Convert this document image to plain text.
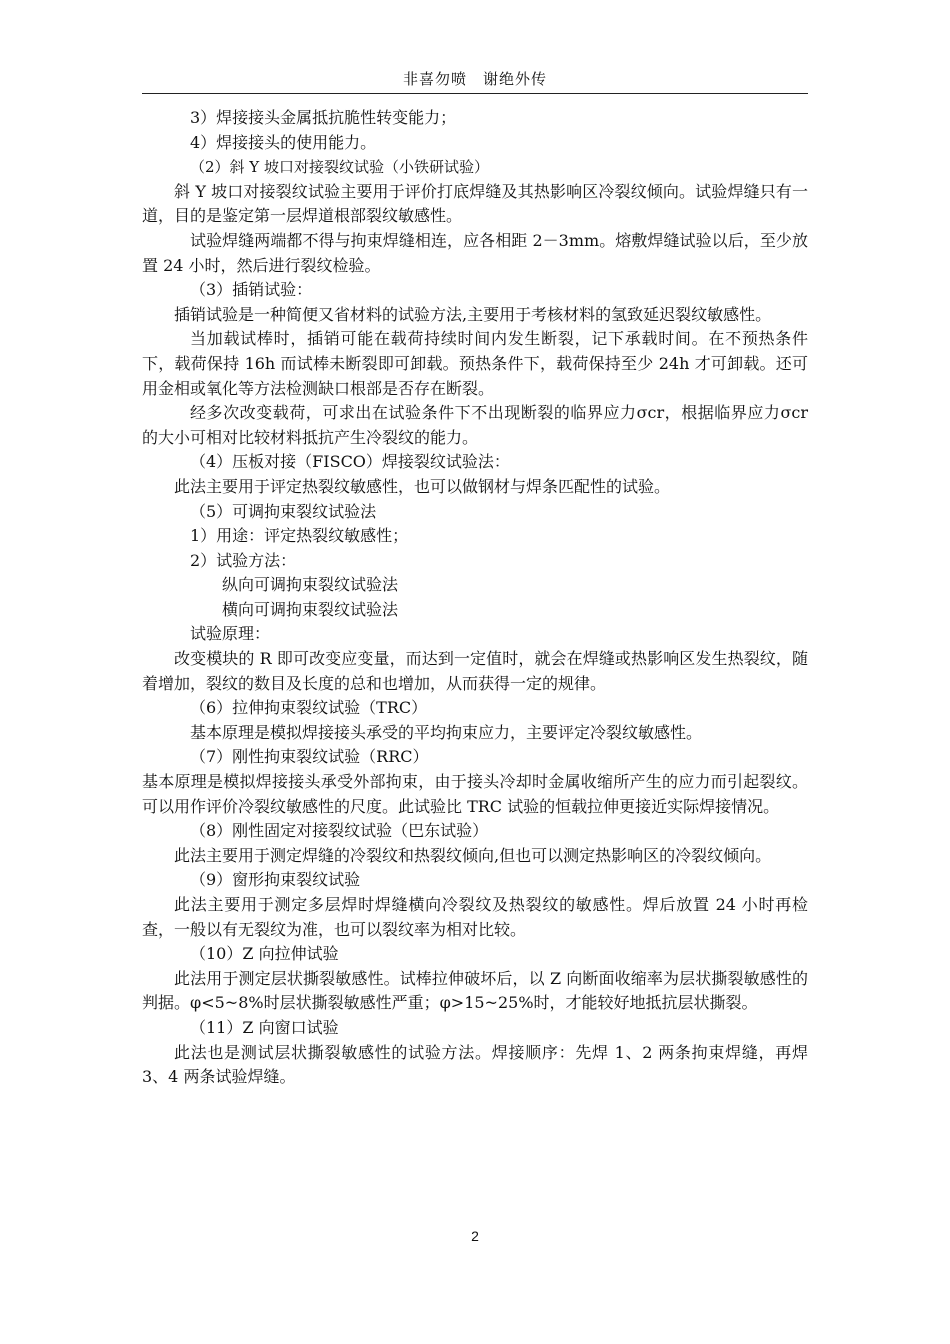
非喜勿喷　谢绝外传

3）焊接接头金属抵抗脆性转变能力；

4）焊接接头的使用能力。

（2）斜 Y 坡口对接裂纹试验（小铁研试验）

斜 Y 坡口对接裂纹试验主要用于评价打底焊缝及其热影响区冷裂纹倾向。试验焊缝只有一道，目的是鉴定第一层焊道根部裂纹敏感性。

试验焊缝两端都不得与拘束焊缝相连，应各相距 2－3mm。熔敷焊缝试验以后，至少放置 24 小时，然后进行裂纹检验。

（3）插销试验：

插销试验是一种简便又省材料的试验方法,主要用于考核材料的氢致延迟裂纹敏感性。

当加载试棒时，插销可能在载荷持续时间内发生断裂，记下承载时间。在不预热条件下，载荷保持 16h 而试棒未断裂即可卸载。预热条件下，载荷保持至少 24h 才可卸载。还可用金相或氧化等方法检测缺口根部是否存在断裂。

经多次改变载荷，可求出在试验条件下不出现断裂的临界应力σcr，根据临界应力σcr 的大小可相对比较材料抵抗产生冷裂纹的能力。

（4）压板对接（FISCO）焊接裂纹试验法：

此法主要用于评定热裂纹敏感性，也可以做钢材与焊条匹配性的试验。

（5）可调拘束裂纹试验法

1）用途：评定热裂纹敏感性；

2）试验方法：

纵向可调拘束裂纹试验法

横向可调拘束裂纹试验法

试验原理：

改变模块的 R 即可改变应变量，而达到一定值时，就会在焊缝或热影响区发生热裂纹，随着增加，裂纹的数目及长度的总和也增加，从而获得一定的规律。

（6）拉伸拘束裂纹试验（TRC）

基本原理是模拟焊接接头承受的平均拘束应力，主要评定冷裂纹敏感性。

（7）刚性拘束裂纹试验（RRC）

基本原理是模拟焊接接头承受外部拘束，由于接头冷却时金属收缩所产生的应力而引起裂纹。可以用作评价冷裂纹敏感性的尺度。此试验比 TRC 试验的恒载拉伸更接近实际焊接情况。

（8）刚性固定对接裂纹试验（巴东试验）

此法主要用于测定焊缝的冷裂纹和热裂纹倾向,但也可以测定热影响区的冷裂纹倾向。

（9）窗形拘束裂纹试验

此法主要用于测定多层焊时焊缝横向冷裂纹及热裂纹的敏感性。焊后放置 24 小时再检查，一般以有无裂纹为准，也可以裂纹率为相对比较。

（10）Z 向拉伸试验

此法用于测定层状撕裂敏感性。试棒拉伸破坏后，以 Z 向断面收缩率为层状撕裂敏感性的判据。φ<5~8%时层状撕裂敏感性严重；φ>15~25%时，才能较好地抵抗层状撕裂。

（11）Z 向窗口试验

此法也是测试层状撕裂敏感性的试验方法。焊接顺序：先焊 1、2 两条拘束焊缝，再焊 3、4 两条试验焊缝。

2
